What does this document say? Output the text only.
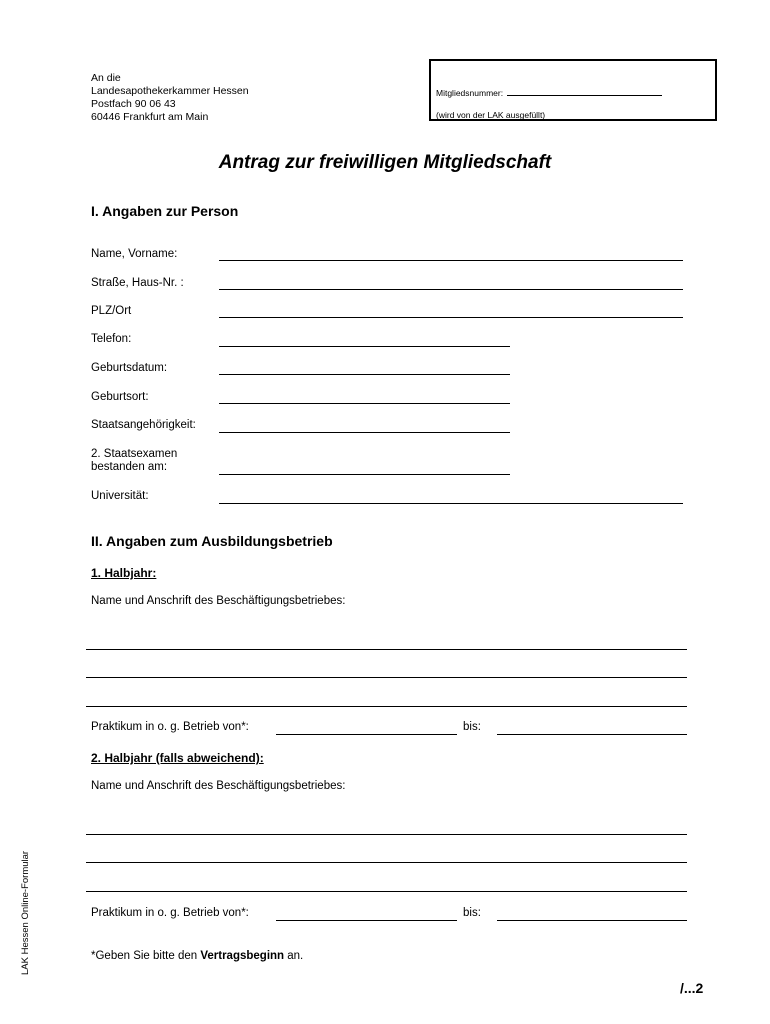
An die
Landesapothekerkammer Hessen
Postfach 90 06 43
60446 Frankfurt am Main
Mitgliedsnummer:
(wird von der LAK ausgefüllt)
Antrag zur freiwilligen Mitgliedschaft
I. Angaben zur Person
Name, Vorname:
Straße, Haus-Nr. :
PLZ/Ort
Telefon:
Geburtsdatum:
Geburtsort:
Staatsangehörigkeit:
2. Staatsexamen
bestanden am:
Universität:
II. Angaben zum Ausbildungsbetrieb
1. Halbjahr:
Name und Anschrift des Beschäftigungsbetriebes:
Praktikum in o. g. Betrieb von*:	bis:
2. Halbjahr (falls abweichend):
Name und Anschrift des Beschäftigungsbetriebes:
Praktikum in o. g. Betrieb von*:	bis:
*Geben Sie bitte den Vertragsbeginn an.
LAK Hessen Online-Formular
/...2
